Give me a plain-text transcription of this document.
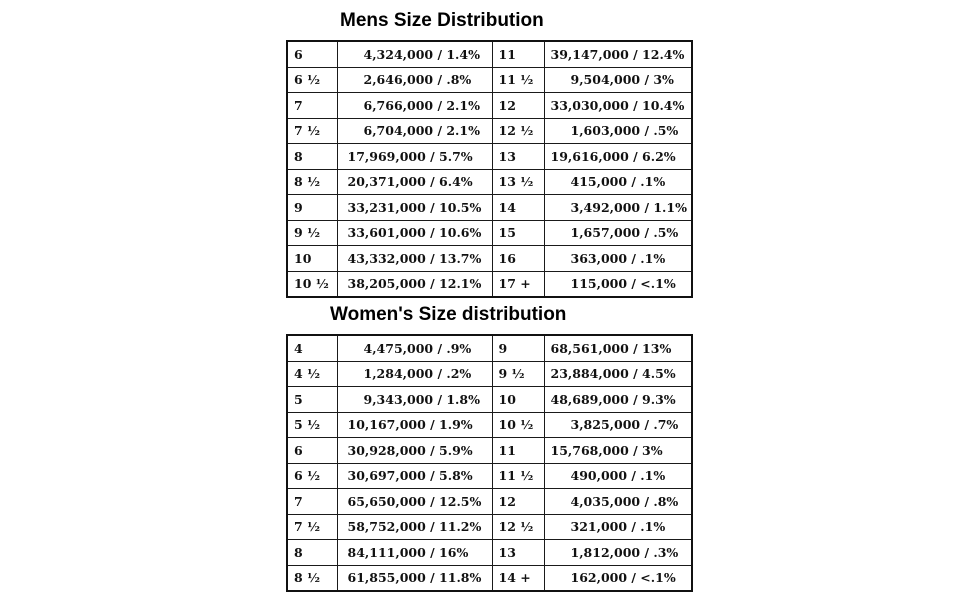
Mens Size Distribution
6	4,324,000 / 1.4%	11	39,147,000 / 12.4%
6 ½	2,646,000 / .8%	11 ½	9,504,000 / 3%
7	6,766,000 / 2.1%	12	33,030,000 / 10.4%
7 ½	6,704,000 / 2.1%	12 ½	1,603,000 / .5%
8	17,969,000 / 5.7%	13	19,616,000 / 6.2%
8 ½	20,371,000 / 6.4%	13 ½	415,000 / .1%
9	33,231,000 / 10.5%	14	3,492,000 / 1.1%
9 ½	33,601,000 / 10.6%	15	1,657,000 / .5%
10	43,332,000 / 13.7%	16	363,000 / .1%
10 ½	38,205,000 / 12.1%	17 +	115,000 / <.1%
Women's Size distribution
4	4,475,000 / .9%	9	68,561,000 / 13%
4 ½	1,284,000 / .2%	9 ½	23,884,000 / 4.5%
5	9,343,000 / 1.8%	10	48,689,000 / 9.3%
5 ½	10,167,000 / 1.9%	10 ½	3,825,000 / .7%
6	30,928,000 / 5.9%	11	15,768,000 / 3%
6 ½	30,697,000 / 5.8%	11 ½	490,000 / .1%
7	65,650,000 / 12.5%	12	4,035,000 / .8%
7 ½	58,752,000 / 11.2%	12 ½	321,000 / .1%
8	84,111,000 / 16%	13	1,812,000 / .3%
8 ½	61,855,000 / 11.8%	14 +	162,000 / <.1%
